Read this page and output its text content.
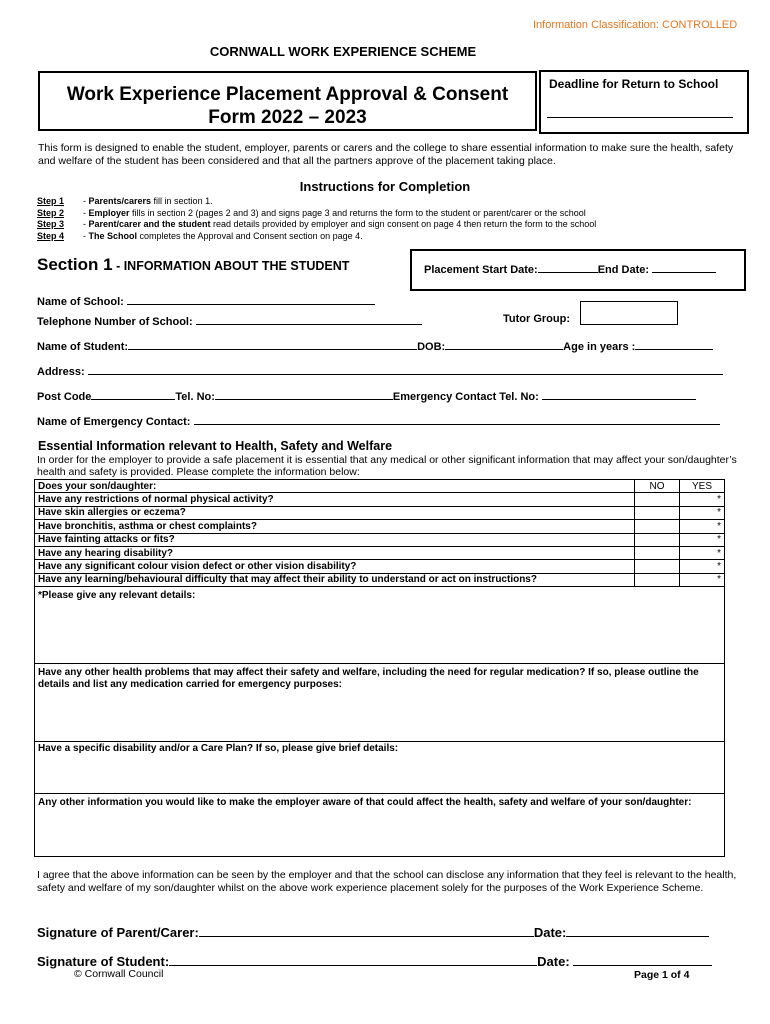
Information Classification: CONTROLLED
CORNWALL WORK EXPERIENCE SCHEME
Work Experience Placement Approval & Consent
Form 2022 – 2023
Deadline for Return to School
This form is designed to enable the student, employer, parents or carers and the college to share essential information to make sure the health, safety and welfare of the student has been considered and that all the partners approve of the placement taking place.
Instructions for Completion
Step 1	- Parents/carers fill in section 1.
Step 2	- Employer fills in section 2 (pages 2 and 3) and signs page 3 and returns the form to the student or parent/carer or the school
Step 3	- Parent/carer and the student read details provided by employer and sign consent on page 4 then return the form to the school
Step 4	- The School completes the Approval and Consent section on page 4.
Section 1 - INFORMATION ABOUT THE STUDENT	Placement Start Date:	End Date:
Name of School:
Telephone Number of School:	Tutor Group:
Name of Student:	DOB:	Age in years :
Address:
Post Code	Tel. No:	Emergency Contact Tel. No:
Name of Emergency Contact:
Essential Information relevant to Health, Safety and Welfare
In order for the employer to provide a safe placement it is essential that any medical or other significant information that may affect your son/daughter’s health and safety is provided. Please complete the information below:
Does your son/daughter:	NO	YES
Have any restrictions of normal physical activity?		*
Have skin allergies or eczema?		*
Have bronchitis, asthma or chest complaints?		*
Have fainting attacks or fits?		*
Have any hearing disability?		*
Have any significant colour vision defect or other vision disability?		*
Have any learning/behavioural difficulty that may affect their ability to understand or act on instructions?		*
*Please give any relevant details:
Have any other health problems that may affect their safety and welfare, including the need for regular medication? If so, please outline the details and list any medication carried for emergency purposes:
Have a specific disability and/or a Care Plan? If so, please give brief details:
Any other information you would like to make the employer aware of that could affect the health, safety and welfare of your son/daughter:
I agree that the above information can be seen by the employer and that the school can disclose any information that they feel is relevant to the health, safety and welfare of my son/daughter whilst on the above work experience placement solely for the purposes of the Work Experience Scheme.
Signature of Parent/Carer:	Date:
Signature of Student:	Date:
© Cornwall Council	Page 1 of 4
